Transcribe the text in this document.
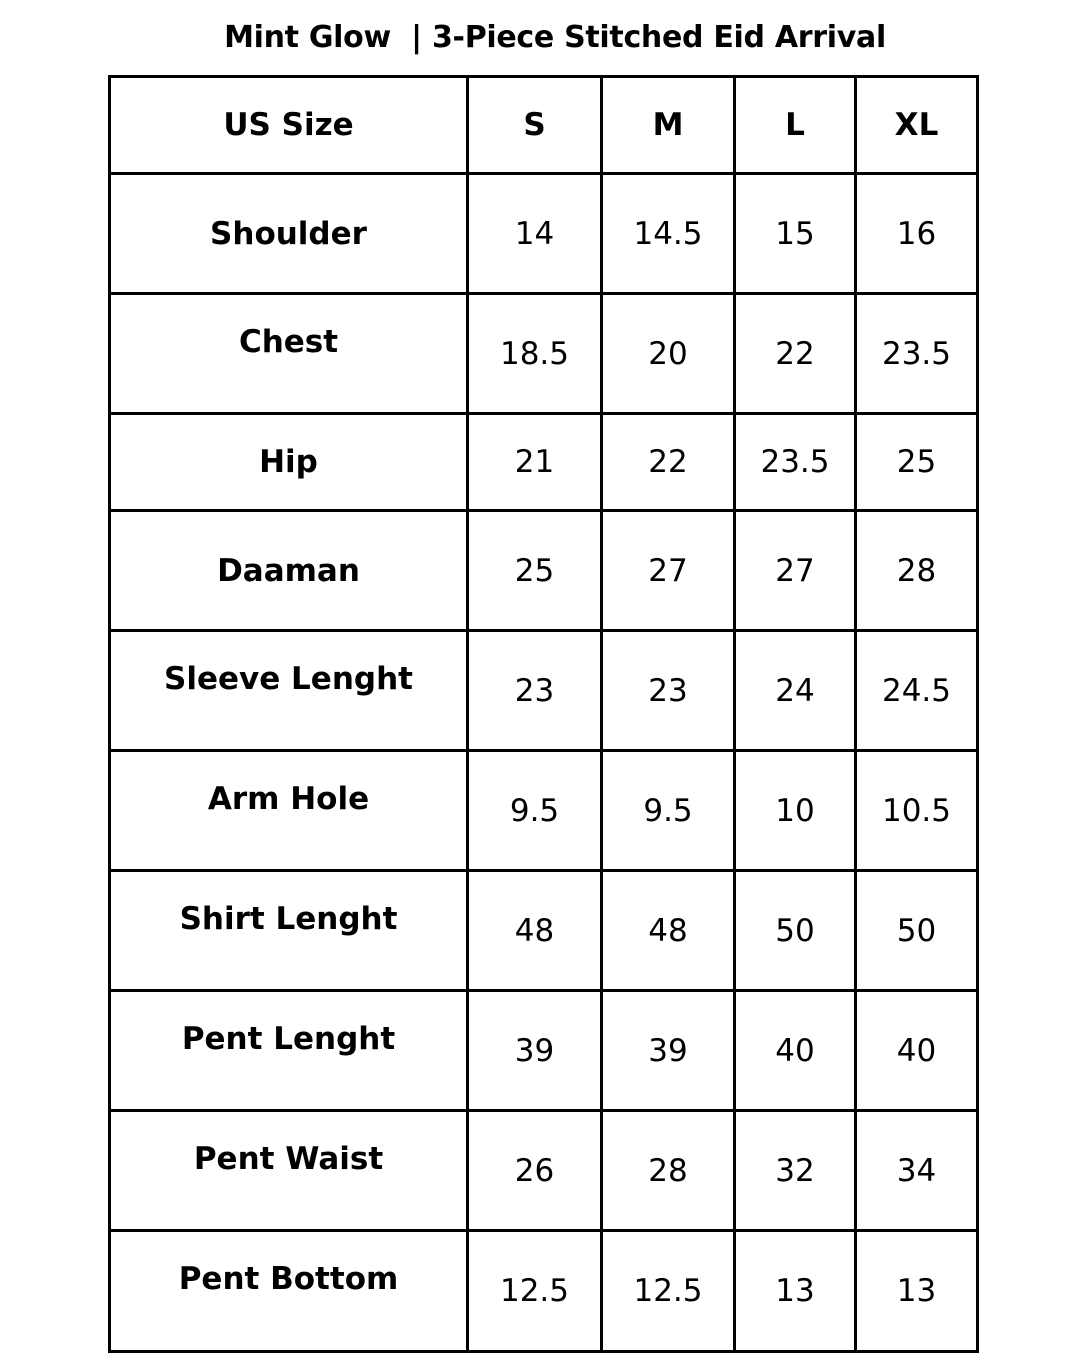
Mint Glow  | 3-Piece Stitched Eid Arrival
US Size	S	M	L	XL
Shoulder	14	14.5	15	16
Chest	18.5	20	22	23.5
Hip	21	22	23.5	25
Daaman	25	27	27	28
Sleeve Lenght	23	23	24	24.5
Arm Hole	9.5	9.5	10	10.5
Shirt Lenght	48	48	50	50
Pent Lenght	39	39	40	40
Pent Waist	26	28	32	34
Pent Bottom	12.5	12.5	13	13
